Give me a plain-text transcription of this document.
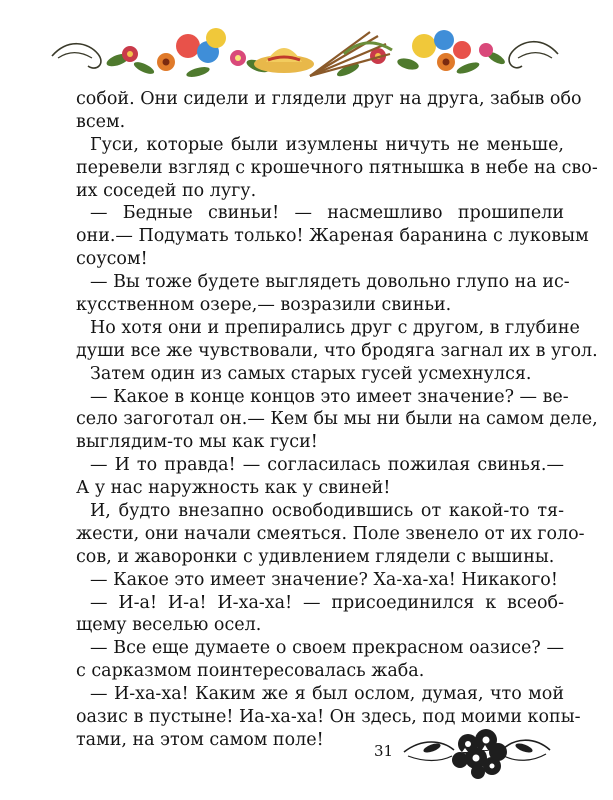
собой. Они сидели и глядели друг на друга, забыв обо
всем.
Гуси, которые были изумлены ничуть не меньше,
перевели взгляд с крошечного пятнышка в небе на сво-
их соседей по лугу.
— Бедные свиньи! — насмешливо прошипели
они.— Подумать только! Жареная баранина с луковым
соусом!
— Вы тоже будете выглядеть довольно глупо на ис-
кусственном озере,— возразили свиньи.
Но хотя они и препирались друг с другом, в глубине
души все же чувствовали, что бродяга загнал их в угол.
Затем один из самых старых гусей усмехнулся.
— Какое в конце концов это имеет значение? — ве-
село загоготал он.— Кем бы мы ни были на самом деле,
выглядим-то мы как гуси!
— И то правда! — согласилась пожилая свинья.—
А у нас наружность как у свиней!
И, будто внезапно освободившись от какой-то тя-
жести, они начали смеяться. Поле звенело от их голо-
сов, и жаворонки с удивлением глядели с вышины.
— Какое это имеет значение? Ха-ха-ха! Никакого!
— И-а! И-а! И-ха-ха! — присоединился к всеоб-
щему веселью осел.
— Все еще думаете о своем прекрасном оазисе? —
с сарказмом поинтересовалась жаба.
— И-ха-ха! Каким же я был ослом, думая, что мой
оазис в пустыне! Иа-ха-ха! Он здесь, под моими копы-
тами, на этом самом поле!
31
